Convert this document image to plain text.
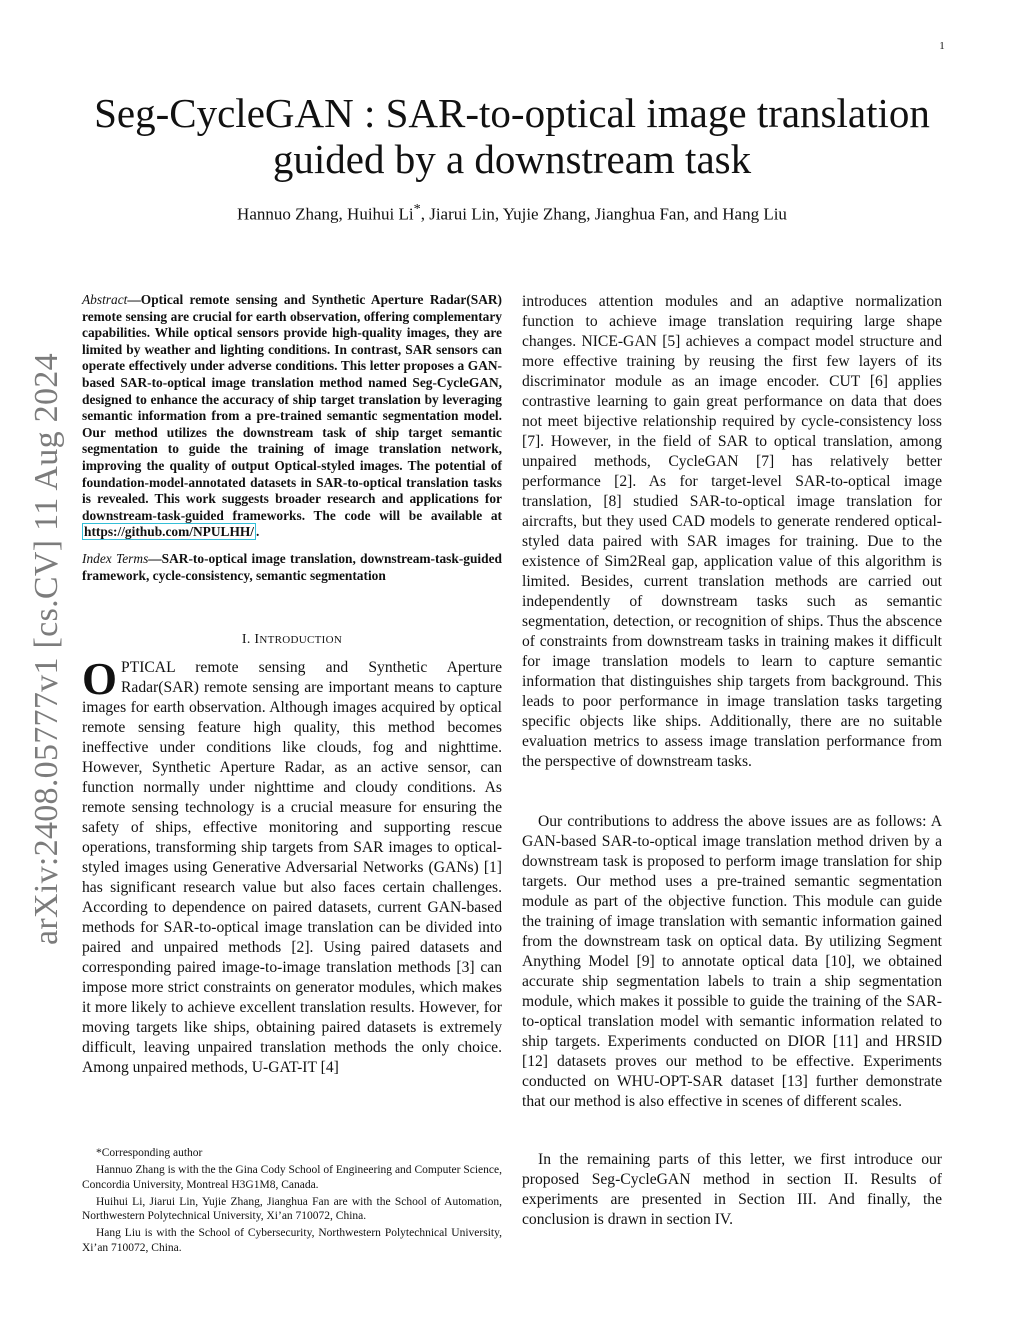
1
arXiv:2408.05777v1 [cs.CV] 11 Aug 2024
Seg-CycleGAN : SAR-to-optical image translation
guided by a downstream task
Hannuo Zhang, Huihui Li*, Jiarui Lin, Yujie Zhang, Jianghua Fan, and Hang Liu

Abstract—Optical remote sensing and Synthetic Aperture Radar(SAR) remote sensing are crucial for earth observation, offering complementary capabilities. While optical sensors provide high-quality images, they are limited by weather and lighting conditions. In contrast, SAR sensors can operate effectively under adverse conditions. This letter proposes a GAN-based SAR-to-optical image translation method named Seg-CycleGAN, designed to enhance the accuracy of ship target translation by leveraging semantic information from a pre-trained semantic segmentation model. Our method utilizes the downstream task of ship target semantic segmentation to guide the training of image translation network, improving the quality of output Optical-styled images. The potential of foundation-model-annotated datasets in SAR-to-optical translation tasks is revealed. This work suggests broader research and applications for downstream-task-guided frameworks. The code will be available at https://github.com/NPULHH/ .

Index Terms—SAR-to-optical image translation, downstream-task-guided framework, cycle-consistency, semantic segmentation

I. INTRODUCTION

OPTICAL remote sensing and Synthetic Aperture Radar(SAR) remote sensing are important means to capture images for earth observation. Although images acquired by optical remote sensing feature high quality, this method becomes ineffective under conditions like clouds, fog and nighttime. However, Synthetic Aperture Radar, as an active sensor, can function normally under nighttime and cloudy conditions. As remote sensing technology is a crucial measure for ensuring the safety of ships, effective monitoring and supporting rescue operations, transforming ship targets from SAR images to optical-styled images using Generative Adversarial Networks (GANs) [1] has significant research value but also faces certain challenges. According to dependence on paired datasets, current GAN-based methods for SAR-to-optical image translation can be divided into paired and unpaired methods [2]. Using paired datasets and corresponding paired image-to-image translation methods [3] can impose more strict constraints on generator modules, which makes it more likely to achieve excellent translation results. However, for moving targets like ships, obtaining paired datasets is extremely difficult, leaving unpaired translation methods the only choice. Among unpaired methods, U-GAT-IT [4]

introduces attention modules and an adaptive normalization function to achieve image translation requiring large shape changes. NICE-GAN [5] achieves a compact model structure and more effective training by reusing the first few layers of its discriminator module as an image encoder. CUT [6] applies contrastive learning to gain great performance on data that does not meet bijective relationship required by cycle-consistency loss [7]. However, in the field of SAR to optical translation, among unpaired methods, CycleGAN [7] has relatively better performance [2]. As for target-level SAR-to-optical image translation, [8] studied SAR-to-optical image translation for aircrafts, but they used CAD models to generate rendered optical-styled data paired with SAR images for training. Due to the existence of Sim2Real gap, application value of this algorithm is limited. Besides, current translation methods are carried out independently of downstream tasks such as semantic segmentation, detection, or recognition of ships. Thus the abscence of constraints from downstream tasks in training makes it difficult for image translation models to learn to capture semantic information that distinguishes ship targets from background. This leads to poor performance in image translation tasks targeting specific objects like ships. Additionally, there are no suitable evaluation metrics to assess image translation performance from the perspective of downstream tasks.

Our contributions to address the above issues are as follows: A GAN-based SAR-to-optical image translation method driven by a downstream task is proposed to perform image translation for ship targets. Our method uses a pre-trained semantic segmentation module as part of the objective function. This module can guide the training of image translation with semantic information gained from the downstream task on optical data. By utilizing Segment Anything Model [9] to annotate optical data [10], we obtained accurate ship segmentation labels to train a ship segmentation module, which makes it possible to guide the training of the SAR-to-optical translation model with semantic information related to ship targets. Experiments conducted on DIOR [11] and HRSID [12] datasets proves our method to be effective. Experiments conducted on WHU-OPT-SAR dataset [13] further demonstrate that our method is also effective in scenes of different scales.

In the remaining parts of this letter, we first introduce our proposed Seg-CycleGAN method in section II. Results of experiments are presented in Section III. And finally, the conclusion is drawn in section IV.

*Corresponding author

Hannuo Zhang is with the the Gina Cody School of Engineering and Computer Science, Concordia University, Montreal H3G1M8, Canada.

Huihui Li, Jiarui Lin, Yujie Zhang, Jianghua Fan are with the School of Automation, Northwestern Polytechnical University, Xi’an 710072, China.

Hang Liu is with the School of Cybersecurity, Northwestern Polytechnical University, Xi’an 710072, China.
